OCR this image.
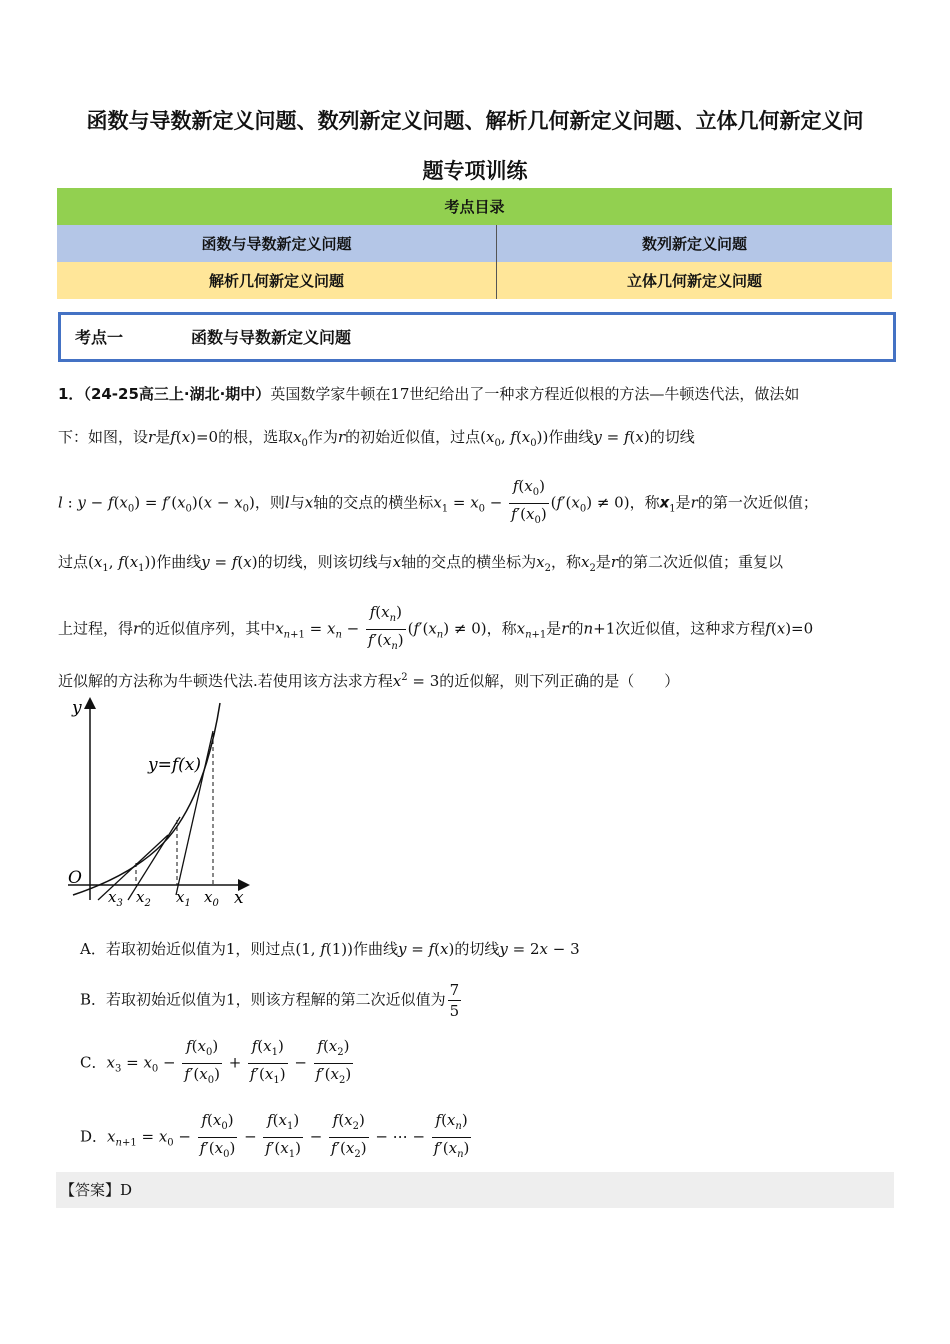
函数与导数新定义问题、数列新定义问题、解析几何新定义问题、立体几何新定义问
题专项训练
考点目录	
函数与导数新定义问题	数列新定义问题
解析几何新定义问题	立体几何新定义问题
考点一	函数与导数新定义问题
1．（24-25高三上·湖北·期中）英国数学家牛顿在17世纪给出了一种求方程近似根的方法—牛顿迭代法，做法如
下：如图，设r是f(x)=0的根，选取$x_0$作为r的初始近似值，过点($x_0$, $f(x_0)$)作曲线y = f(x)的切线
l : $y - f(x_0) = f'(x_0)(x - x_0)$，则l与x轴的交点的横坐标$x_1 = x_0 - \frac{f(x_0)}{f'(x_0)} (f'(x_0) \ne 0)$，称$x_1$是r的第一次近似值；
过点($x_1$, $f(x_1)$)作曲线y = f(x)的切线，则该切线与x轴的交点的横坐标为$x_2$，称$x_2$是r的第二次近似值；重复以
上过程，得r的近似值序列，其中$x_{n+1} = x_n - \frac{f(x_n)}{f'(x_n)} (f'(x_n) \ne 0)$，称$x_{n+1}$是r的n+1次近似值，这种求方程f(x)=0
近似解的方法称为牛顿迭代法.若使用该方法求方程$x^2 = 3$的近似解，则下列正确的是（　　）
y
x
O
y=f(x)
$x_3$ $x_2$ $x_1$ $x_0$
A．若取初始近似值为1，则过点(1, f(1))作曲线y = f(x)的切线y = 2x − 3
B．若取初始近似值为1，则该方程解的第二次近似值为 $\frac{7}{5}$
C．$x_3 = x_0 - \frac{f(x_0)}{f'(x_0)} + \frac{f(x_1)}{f'(x_1)} - \frac{f(x_2)}{f'(x_2)}$
D．$x_{n+1} = x_0 - \frac{f(x_0)}{f'(x_0)} - \frac{f(x_1)}{f'(x_1)} - \frac{f(x_2)}{f'(x_2)}$ − ⋯ − $\frac{f(x_n)}{f'(x_n)}$
【答案】D
